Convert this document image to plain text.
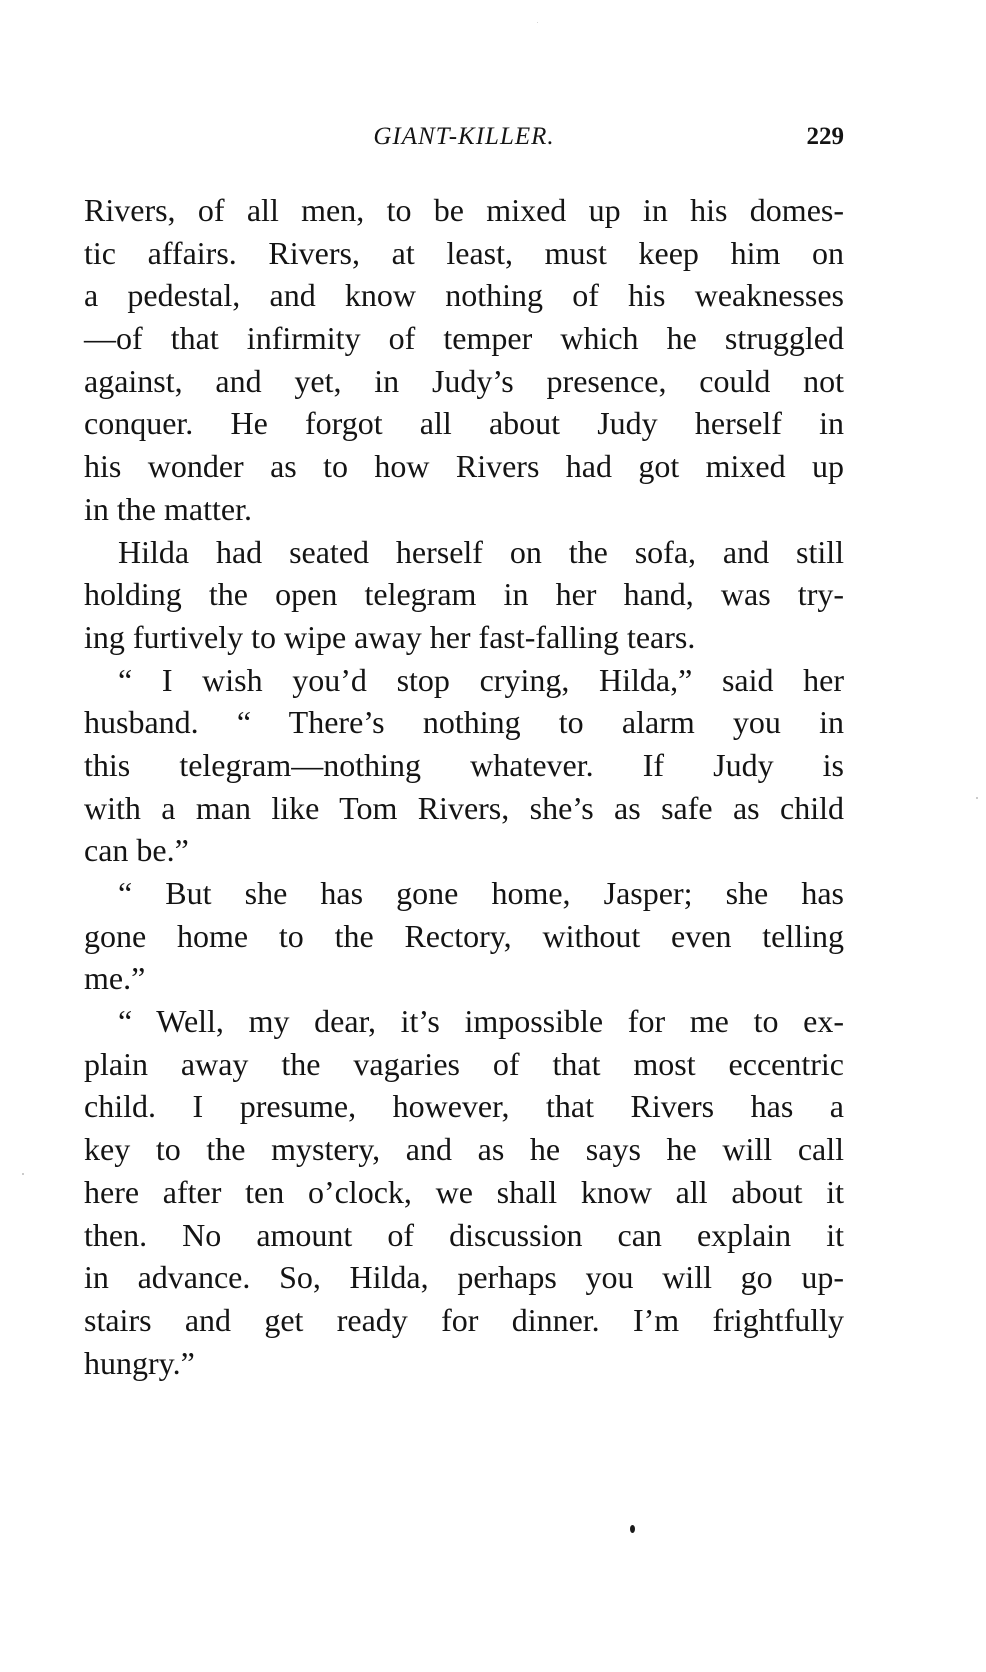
GIANT-KILLER.	229
Rivers, of all men, to be mixed up in his domes-
tic affairs. Rivers, at least, must keep him on
a pedestal, and know nothing of his weaknesses
—of that infirmity of temper which he struggled
against, and yet, in Judy’s presence, could not
conquer. He forgot all about Judy herself in
his wonder as to how Rivers had got mixed up
in the matter.
Hilda had seated herself on the sofa, and still
holding the open telegram in her hand, was try-
ing furtively to wipe away her fast-falling tears.
“ I wish you’d stop crying, Hilda,” said her
husband. “ There’s nothing to alarm you in
this telegram—nothing whatever. If Judy is
with a man like Tom Rivers, she’s as safe as child
can be.”
“ But she has gone home, Jasper; she has
gone home to the Rectory, without even telling
me.”
“ Well, my dear, it’s impossible for me to ex-
plain away the vagaries of that most eccentric
child. I presume, however, that Rivers has a
key to the mystery, and as he says he will call
here after ten o’clock, we shall know all about it
then. No amount of discussion can explain it
in advance. So, Hilda, perhaps you will go up-
stairs and get ready for dinner. I’m frightfully
hungry.”
